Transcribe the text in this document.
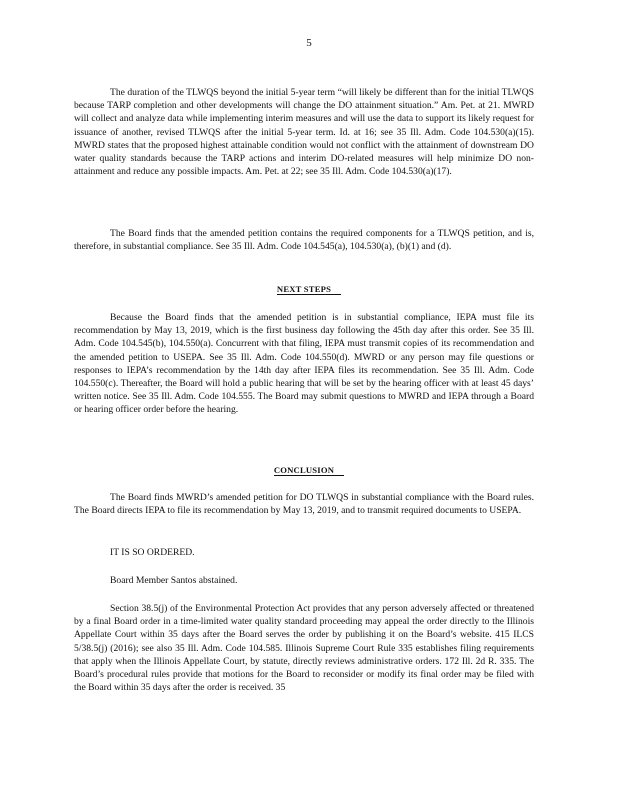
5

The duration of the TLWQS beyond the initial 5-year term “will likely be different than for the initial TLWQS because TARP completion and other developments will change the DO attainment situation.” Am. Pet. at 21. MWRD will collect and analyze data while implementing interim measures and will use the data to support its likely request for issuance of another, revised TLWQS after the initial 5-year term. Id. at 16; see 35 Ill. Adm. Code 104.530(a)(15). MWRD states that the proposed highest attainable condition would not conflict with the attainment of downstream DO water quality standards because the TARP actions and interim DO-related measures will help minimize DO non-attainment and reduce any possible impacts. Am. Pet. at 22; see 35 Ill. Adm. Code 104.530(a)(17).

The Board finds that the amended petition contains the required components for a TLWQS petition, and is, therefore, in substantial compliance. See 35 Ill. Adm. Code 104.545(a), 104.530(a), (b)(1) and (d).

NEXT STEPS

Because the Board finds that the amended petition is in substantial compliance, IEPA must file its recommendation by May 13, 2019, which is the first business day following the 45th day after this order. See 35 Ill. Adm. Code 104.545(b), 104.550(a). Concurrent with that filing, IEPA must transmit copies of its recommendation and the amended petition to USEPA. See 35 Ill. Adm. Code 104.550(d). MWRD or any person may file questions or responses to IEPA’s recommendation by the 14th day after IEPA files its recommendation. See 35 Ill. Adm. Code 104.550(c). Thereafter, the Board will hold a public hearing that will be set by the hearing officer with at least 45 days’ written notice. See 35 Ill. Adm. Code 104.555. The Board may submit questions to MWRD and IEPA through a Board or hearing officer order before the hearing.

CONCLUSION

The Board finds MWRD’s amended petition for DO TLWQS in substantial compliance with the Board rules. The Board directs IEPA to file its recommendation by May 13, 2019, and to transmit required documents to USEPA.

IT IS SO ORDERED.
Board Member Santos abstained.

Section 38.5(j) of the Environmental Protection Act provides that any person adversely affected or threatened by a final Board order in a time-limited water quality standard proceeding may appeal the order directly to the Illinois Appellate Court within 35 days after the Board serves the order by publishing it on the Board’s website. 415 ILCS 5/38.5(j) (2016); see also 35 Ill. Adm. Code 104.585. Illinois Supreme Court Rule 335 establishes filing requirements that apply when the Illinois Appellate Court, by statute, directly reviews administrative orders. 172 Ill. 2d R. 335. The Board’s procedural rules provide that motions for the Board to reconsider or modify its final order may be filed with the Board within 35 days after the order is received. 35
